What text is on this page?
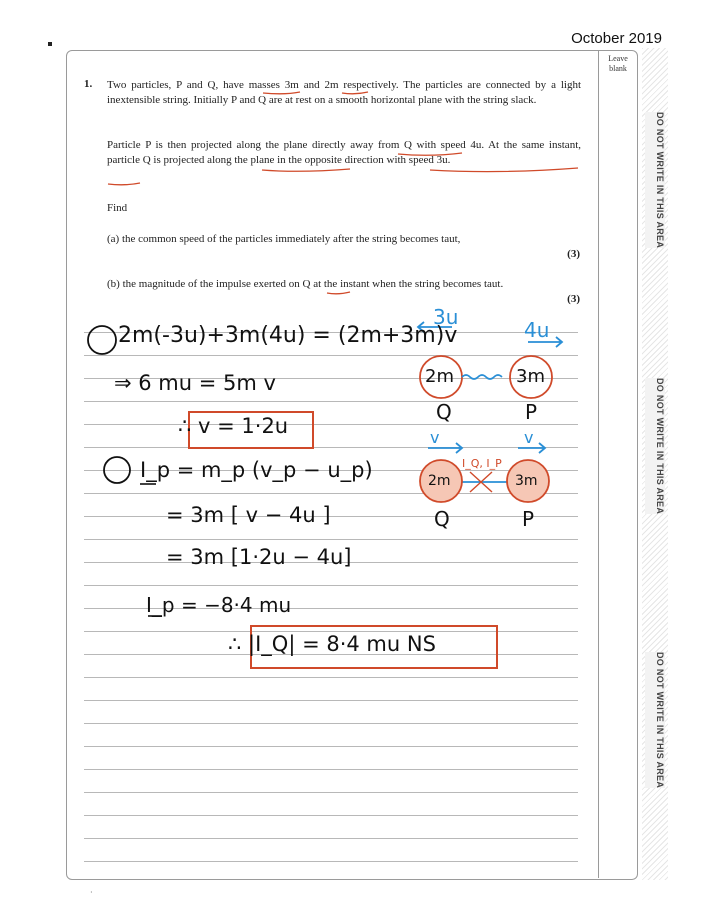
October 2019
Leave blank
DO NOT WRITE IN THIS AREA
DO NOT WRITE IN THIS AREA
DO NOT WRITE IN THIS AREA
1. Two particles, P and Q, have masses 3m and 2m respectively. The particles are connected by a light inextensible string. Initially P and Q are at rest on a smooth horizontal plane with the string slack.
Particle P is then projected along the plane directly away from Q with speed 4u. At the same instant, particle Q is projected along the plane in the opposite direction with speed 3u.
Find
(a) the common speed of the particles immediately after the string becomes taut,
(3)
(b) the magnitude of the impulse exerted on Q at the instant when the string becomes taut.
(3)
2m(-3u)+3m(4u) = (2m+3m)v
⇒ 6 mu = 5m v
∴ v = 1·2u
I_p = m_p (v_p − u_p)
= 3m [ v − 4u ]
= 3m [1·2u − 4u]
I_p = −8·4 mu
∴ |I_Q| = 8·4 mu NS
3u
4u
2m	3m
Q	P
v	v
I_Q, I_P
2m	3m
Q	P
·
